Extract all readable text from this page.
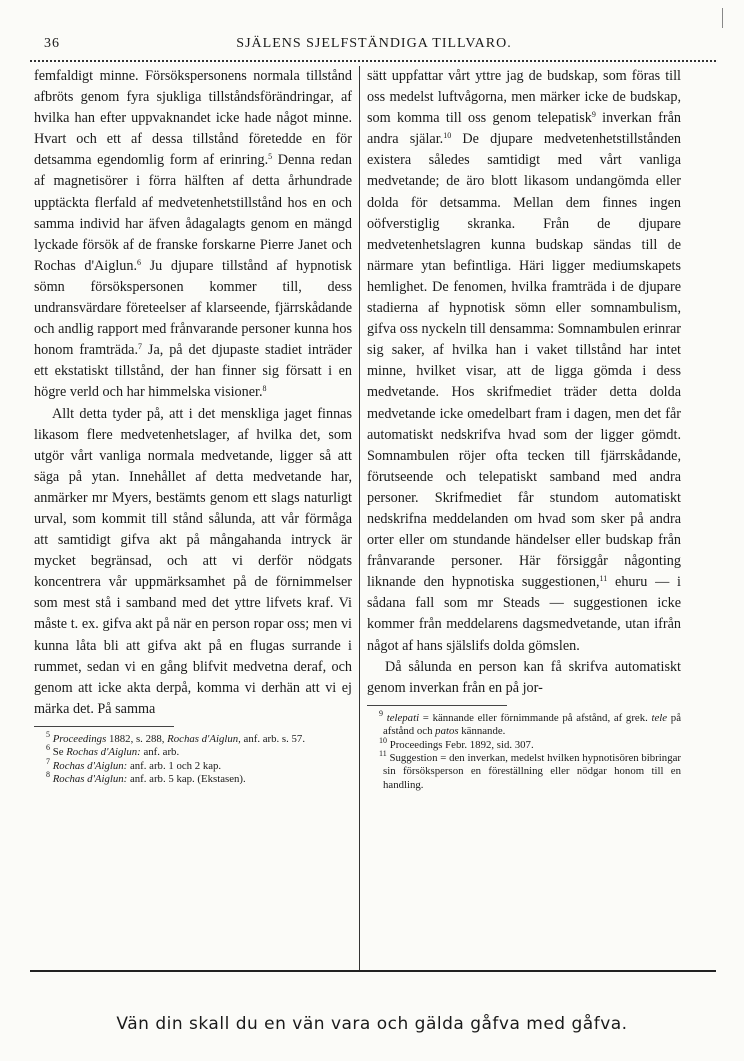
36	SJÄLENS SJELFSTÄNDIGA TILLVARO.

femfaldigt minne. Försökspersonens normala tillstånd afbröts genom fyra sjukliga tillståndsförändringar, af hvilka han efter uppvaknandet icke hade något minne. Hvart och ett af dessa tillstånd företedde en för detsamma egendomlig form af erinring.$^5$ Denna redan af magnetisörer i förra hälften af detta århundrade upptäckta flerfald af medvetenhetstillstånd hos en och samma individ har äfven ådagalagts genom en mängd lyckade försök af de franske forskarne Pierre Janet och Rochas d'Aiglun.$^6$ Ju djupare tillstånd af hypnotisk sömn försökspersonen kommer till, dess undransvärdare företeelser af klarseende, fjärrskådande och andlig rapport med frånvarande personer kunna hos honom framträda.$^7$ Ja, på det djupaste stadiet inträder ett ekstatiskt tillstånd, der han finner sig försatt i en högre verld och har himmelska visioner.$^8$

Allt detta tyder på, att i det menskliga jaget finnas likasom flere medvetenhetslager, af hvilka det, som utgör vårt vanliga normala medvetande, ligger så att säga på ytan. Innehållet af detta medvetande har, anmärker mr Myers, bestämts genom ett slags naturligt urval, som kommit till stånd sålunda, att vår förmåga att samtidigt gifva akt på mångahanda intryck är mycket begränsad, och att vi derför nödgats koncentrera vår uppmärksamhet på de förnimmelser som mest stå i samband med det yttre lifvets kraf. Vi måste t. ex. gifva akt på när en person ropar oss; men vi kunna låta bli att gifva akt på en flugas surrande i rummet, sedan vi en gång blifvit medvetna deraf, och genom att icke akta derpå, komma vi derhän att vi ej märka det. På samma

$^5$ Proceedings 1882, s. 288, Rochas d'Aiglun, anf. arb. s. 57.

$^6$ Se Rochas d'Aiglun: anf. arb.

$^7$ Rochas d'Aiglun: anf. arb. 1 och 2 kap.

$^8$ Rochas d'Aiglun: anf. arb. 5 kap. (Ekstasen).

sätt uppfattar vårt yttre jag de budskap, som föras till oss medelst luftvågorna, men märker icke de budskap, som komma till oss genom telepatisk$^9$ inverkan från andra själar.$^{10}$ De djupare medvetenhetstillstånden existera således samtidigt med vårt vanliga medvetande; de äro blott likasom undangömda eller dolda för detsamma. Mellan dem finnes ingen oöfverstiglig skranka. Från de djupare medvetenhetslagren kunna budskap sändas till de närmare ytan befintliga. Häri ligger mediumskapets hemlighet. De fenomen, hvilka framträda i de djupare stadierna af hypnotisk sömn eller somnambulism, gifva oss nyckeln till densamma: Somnambulen erinrar sig saker, af hvilka han i vaket tillstånd har intet minne, hvilket visar, att de ligga gömda i dess medvetande. Hos skrifmediet träder detta dolda medvetande icke omedelbart fram i dagen, men det får automatiskt nedskrifva hvad som der ligger gömdt. Somnambulen röjer ofta tecken till fjärrskådande, förutseende och telepatiskt samband med andra personer. Skrifmediet får stundom automatiskt nedskrifna meddelanden om hvad som sker på andra orter eller om stundande händelser eller budskap från frånvarande personer. Här försiggår någonting liknande den hypnotiska suggestionen,$^{11}$ ehuru — i sådana fall som mr Steads — suggestionen icke kommer från meddelarens dagsmedvetande, utan ifrån något af hans själslifs dolda gömslen.

Då sålunda en person kan få skrifva automatiskt genom inverkan från en på jor-

$^9$ telepati = kännande eller förnimmande på afstånd, af grek. tele på afstånd och patos kännande.

$^{10}$ Proceedings Febr. 1892, sid. 307.

$^{11}$ Suggestion = den inverkan, medelst hvilken hypnotisören bibringar sin försöksperson en föreställning eller nödgar honom till en handling.

Vän din skall du en vän vara och gälda gåfva med gåfva.
